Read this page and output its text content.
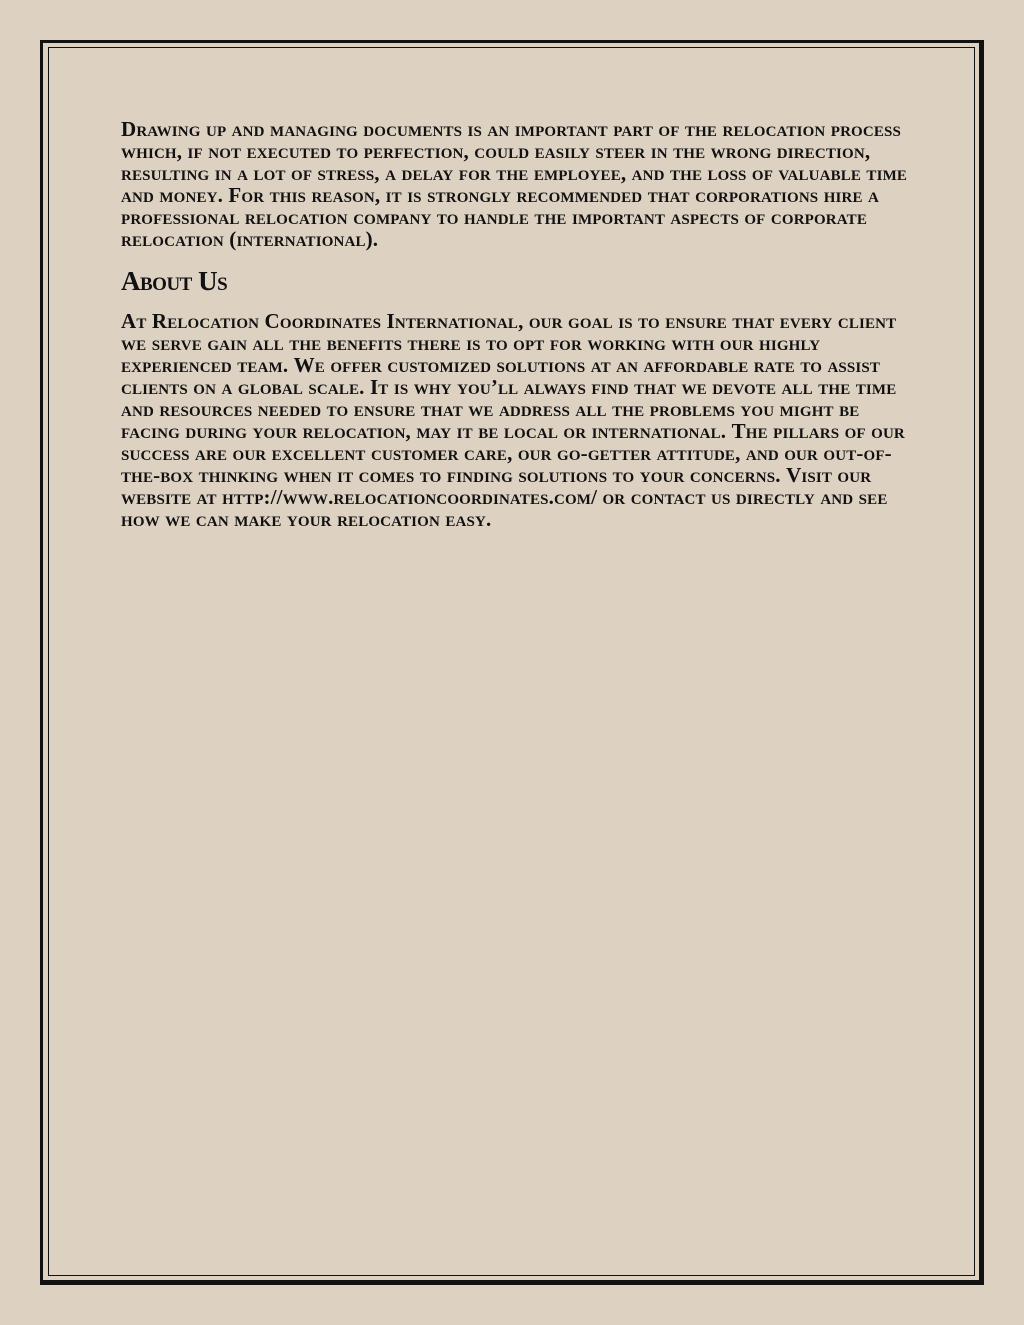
Drawing up and managing documents is an important part of the relocation process which, if not executed to perfection, could easily steer in the wrong direction, resulting in a lot of stress, a delay for the employee, and the loss of valuable time and money. For this reason, it is strongly recommended that corporations hire a professional relocation company to handle the important aspects of corporate relocation (international).

About Us

At Relocation Coordinates International, our goal is to ensure that every client we serve gain all the benefits there is to opt for working with our highly experienced team. We offer customized solutions at an affordable rate to assist clients on a global scale. It is why you’ll always find that we devote all the time and resources needed to ensure that we address all the problems you might be facing during your relocation, may it be local or international. The pillars of our success are our excellent customer care, our go-getter attitude, and our out-of-the-box thinking when it comes to finding solutions to your concerns. Visit our website at http://www.relocationcoordinates.com/ or contact us directly and see how we can make your relocation easy.
